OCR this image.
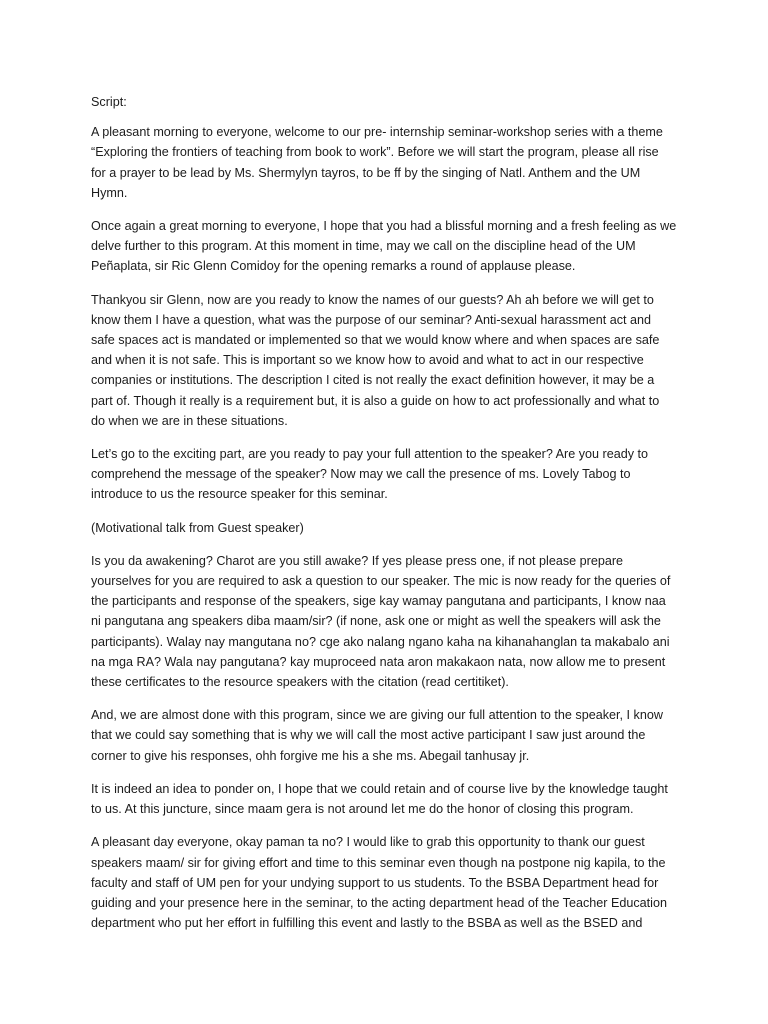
Script:
A pleasant morning to everyone, welcome to our pre- internship seminar-workshop series with a theme
“Exploring the frontiers of teaching from book to work”. Before we will start the program, please all rise
for a prayer to be lead by Ms. Shermylyn tayros, to be ff by the singing of Natl. Anthem and the UM
Hymn.
Once again a great morning to everyone, I hope that you had a blissful morning and a fresh feeling as we
delve further to this program. At this moment in time, may we call on the discipline head of the UM
Peñaplata, sir Ric Glenn Comidoy for the opening remarks a round of applause please.
Thankyou sir Glenn, now are you ready to know the names of our guests? Ah ah before we will get to
know them I have a question, what was the purpose of our seminar? Anti-sexual harassment act and
safe spaces act is mandated or implemented so that we would know where and when spaces are safe
and when it is not safe. This is important so we know how to avoid and what to act in our respective
companies or institutions. The description I cited is not really the exact definition however, it may be a
part of. Though it really is a requirement but, it is also a guide on how to act professionally and what to
do when we are in these situations.
Let’s go to the exciting part, are you ready to pay your full attention to the speaker? Are you ready to
comprehend the message of the speaker? Now may we call the presence of ms. Lovely Tabog to
introduce to us the resource speaker for this seminar.
(Motivational talk from Guest speaker)
Is you da awakening? Charot are you still awake? If yes please press one, if not please prepare
yourselves for you are required to ask a question to our speaker. The mic is now ready for the queries of
the participants and response of the speakers, sige kay wamay pangutana and participants, I know naa
ni pangutana ang speakers diba maam/sir? (if none, ask one or might as well the speakers will ask the
participants). Walay nay mangutana no? cge ako nalang ngano kaha na kihanahanglan ta makabalo ani
na mga RA? Wala nay pangutana? kay muproceed nata aron makakaon nata, now allow me to present
these certificates to the resource speakers with the citation (read certitiket).
And, we are almost done with this program, since we are giving our full attention to the speaker, I know
that we could say something that is why we will call the most active participant I saw just around the
corner to give his responses, ohh forgive me his a she ms. Abegail tanhusay jr.
It is indeed an idea to ponder on, I hope that we could retain and of course live by the knowledge taught
to us. At this juncture, since maam gera is not around let me do the honor of closing this program.
A pleasant day everyone, okay paman ta no? I would like to grab this opportunity to thank our guest
speakers maam/ sir for giving effort and time to this seminar even though na postpone nig kapila, to the
faculty and staff of UM pen for your undying support to us students. To the BSBA Department head for
guiding and your presence here in the seminar, to the acting department head of the Teacher Education
department who put her effort in fulfilling this event and lastly to the BSBA as well as the BSED and
